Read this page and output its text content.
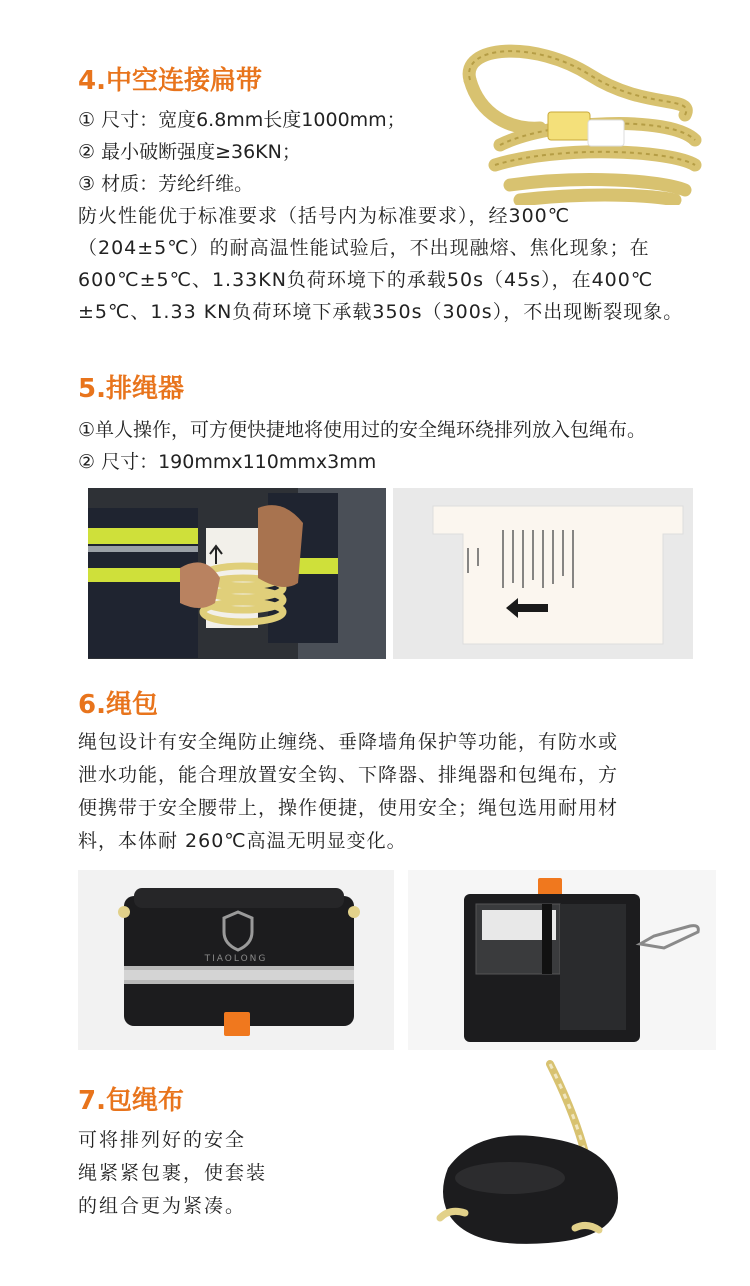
4.中空连接扁带
① 尺寸：宽度6.8mm长度1000mm；
② 最小破断强度≥36KN；
③ 材质：芳纶纤维。
防火性能优于标准要求（括号内为标准要求），经300℃
（204±5℃）的耐高温性能试验后，不出现融熔、焦化现象；在
600℃±5℃、1.33KN负荷环境下的承载50s（45s），在400℃
±5℃、1.33 KN负荷环境下承载350s（300s），不出现断裂现象。
5.排绳器
①单人操作，可方便快捷地将使用过的安全绳环绕排列放入包绳布。
② 尺寸：190mmx110mmx3mm
6.绳包
绳包设计有安全绳防止缠绕、垂降墙角保护等功能，有防水或
泄水功能，能合理放置安全钩、下降器、排绳器和包绳布，方
便携带于安全腰带上，操作便捷，使用安全；绳包选用耐用材
料，本体耐 260℃高温无明显变化。
TIAOLONG
7.包绳布
可将排列好的安全
绳紧紧包裹，使套装
的组合更为紧凑。
